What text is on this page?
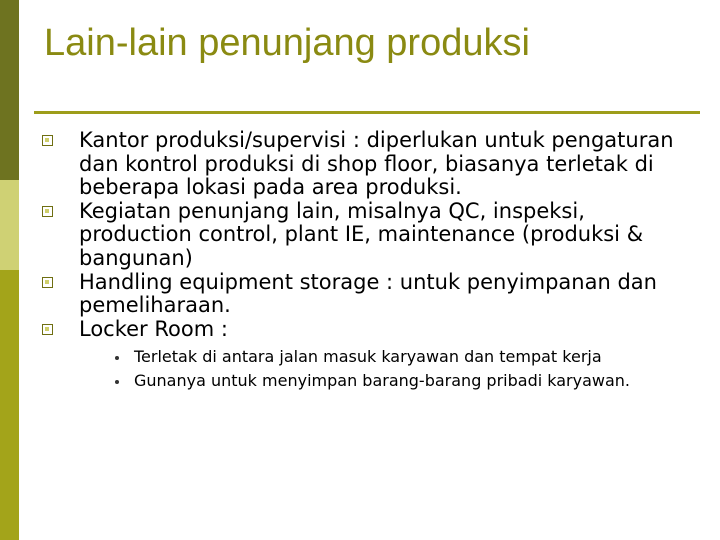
Lain-lain penunjang produksi
Kantor produksi/supervisi : diperlukan untuk pengaturan dan kontrol produksi di shop floor, biasanya terletak di beberapa lokasi pada area produksi.
Kegiatan penunjang lain, misalnya QC, inspeksi, production control, plant IE, maintenance (produksi & bangunan)
Handling equipment storage : untuk penyimpanan dan pemeliharaan.
Locker Room :
Terletak di antara jalan masuk karyawan dan tempat kerja
Gunanya untuk menyimpan barang-barang pribadi karyawan.
